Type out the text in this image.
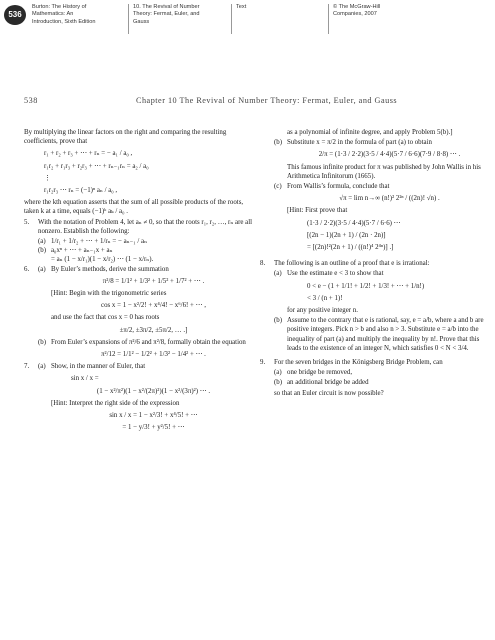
536
Burton: The History of
Mathematics: An
Introduction, Sixth Edition
10. The Revival of Number
Theory: Fermat, Euler, and
Gauss
Text	© The McGraw-Hill
Companies, 2007
538	Chapter 10 The Revival of Number Theory: Fermat, Euler, and Gauss

By multiplying the linear factors on the right and comparing the resulting coefficients, prove that

r₁ + r₂ + r₃ + ⋯ + rₙ = − a₁ / a₀ ,
r₁r₂ + r₁r₃ + r₂r₃ + ⋯ + rₙ₋₁rₙ = a₂ / a₀
⋮
r₁r₂r₃ ⋯ rₙ = (−1)ⁿ aₙ / a₀ ,

where the kth equation asserts that the sum of all possible products of the roots, taken k at a time, equals (−1)ᵏ aₖ / a₀ .

5. With the notation of Problem 4, let aₙ ≠ 0, so that the roots r₁, r₂, …, rₙ are all nonzero. Establish the following:

(a) 1/r₁ + 1/r₂ + ⋯ + 1/rₙ = − aₙ₋₁ / aₙ
(b) a₀xⁿ + ⋯ + aₙ₋₁x + aₙ
= aₙ (1 − x/r₁)(1 − x/r₂) ⋯ (1 − x/rₙ).
6. (a) By Euler’s methods, derive the summation

π²/8 = 1/1² + 1/3² + 1/5² + 1/7² + ⋯ .

[Hint: Begin with the trigonometric series

cos x = 1 − x²/2! + x⁴/4! − x⁶/6! + ⋯ ,

and use the fact that cos x = 0 has roots

±π/2, ±3π/2, ±5π/2, … .]
(b) From Euler’s expansions of π²/6 and π²/8, formally obtain the equation

π²/12 = 1/1² − 1/2² + 1/3² − 1/4² + ⋯ .
7. (a) Show, in the manner of Euler, that

sin x / x =
(1 − x²/π²)(1 − x²/(2π)²)(1 − x²/(3π)²) ⋯ .

[Hint: Interpret the right side of the expression

sin x / x = 1 − x²/3! + x⁴/5! + ⋯
= 1 − y/3! + y²/5! + ⋯

as a polynomial of infinite degree, and apply Problem 5(b).]

(b) Substitute x = π/2 in the formula of part (a) to obtain

2/π = (1·3 / 2·2)(3·5 / 4·4)(5·7 / 6·6)(7·9 / 8·8) ⋯ .

This famous infinite product for π was published by John Wallis in his Arithmetica Infinitorum (1665).

(c) From Wallis’s formula, conclude that

√π = lim n→∞ (n!)² 2²ⁿ / ((2n)! √n) .

[Hint: First prove that

(1·3 / 2·2)(3·5 / 4·4)(5·7 / 6·6) ⋯
[(2n − 1)(2n + 1) / (2n · 2n)]
= [(2n)!²(2n + 1) / ((n!)⁴ 2⁴ⁿ)] .]
8. The following is an outline of a proof that e is irrational:

(a) Use the estimate e < 3 to show that

0 < e − (1 + 1/1! + 1/2! + 1/3! + ⋯ + 1/n!)
< 3 / (n + 1)!

for any positive integer n.

(b) Assume to the contrary that e is rational, say, e = a/b, where a and b are positive integers. Pick n > b and also n > 3. Substitute e = a/b into the inequality of part (a) and multiply the inequality by n!. Prove that this leads to the existence of an integer N, which satisfies 0 < N < 3/4.

9. For the seven bridges in the Königsberg Bridge Problem, can

(a) one bridge be removed,

(b) an additional bridge be added

so that an Euler circuit is now possible?
